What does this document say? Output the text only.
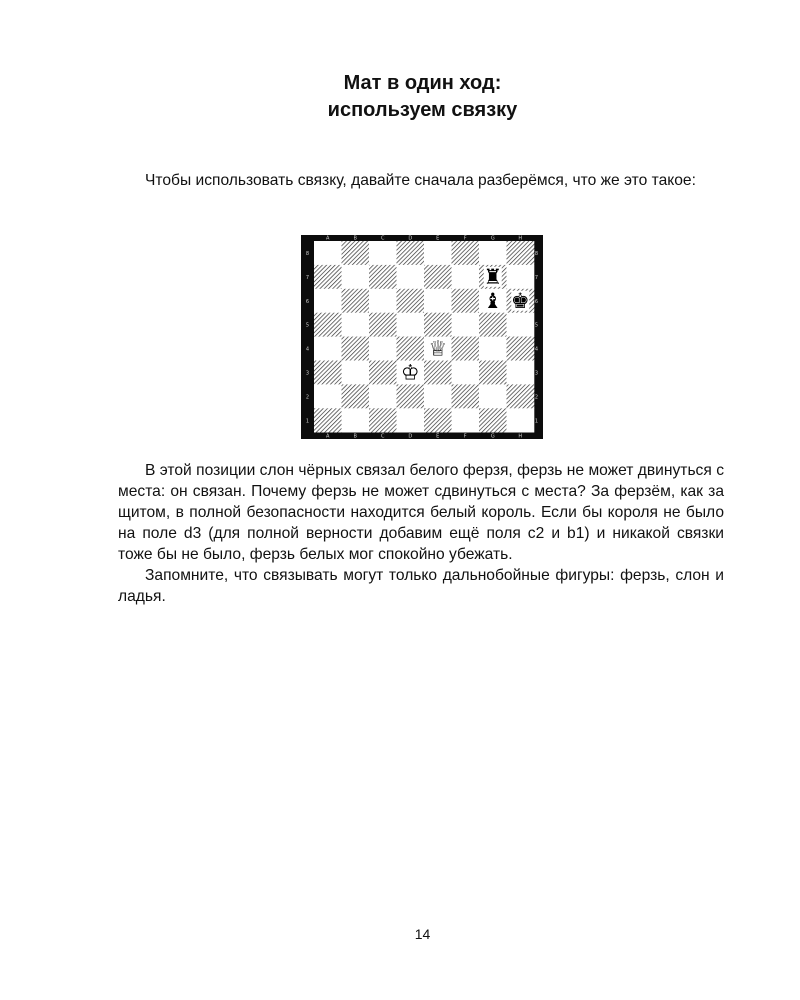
Мат в один ход:
используем связку

Чтобы использовать связку, давайте сначала разберёмся, что же это такое:

A
A
B
B
C
C
D
D
E
E
F
F
G
G
H
H
8	8
7	7
6	6
5	5
4	4
3	3
2	2
1	1
♜
♝ ♚
♕
♔

В этой позиции слон чёрных связал белого ферзя, ферзь не может двинуться с места: он связан. Почему ферзь не может сдвинуться с места? За ферзём, как за щитом, в полной безопасности находится белый король. Если бы короля не было на поле d3 (для полной верности добавим ещё поля c2 и b1) и никакой связки тоже бы не было, ферзь белых мог спокойно убежать.

Запомните, что связывать могут только дальнобойные фигуры: ферзь, слон и ладья.

14
